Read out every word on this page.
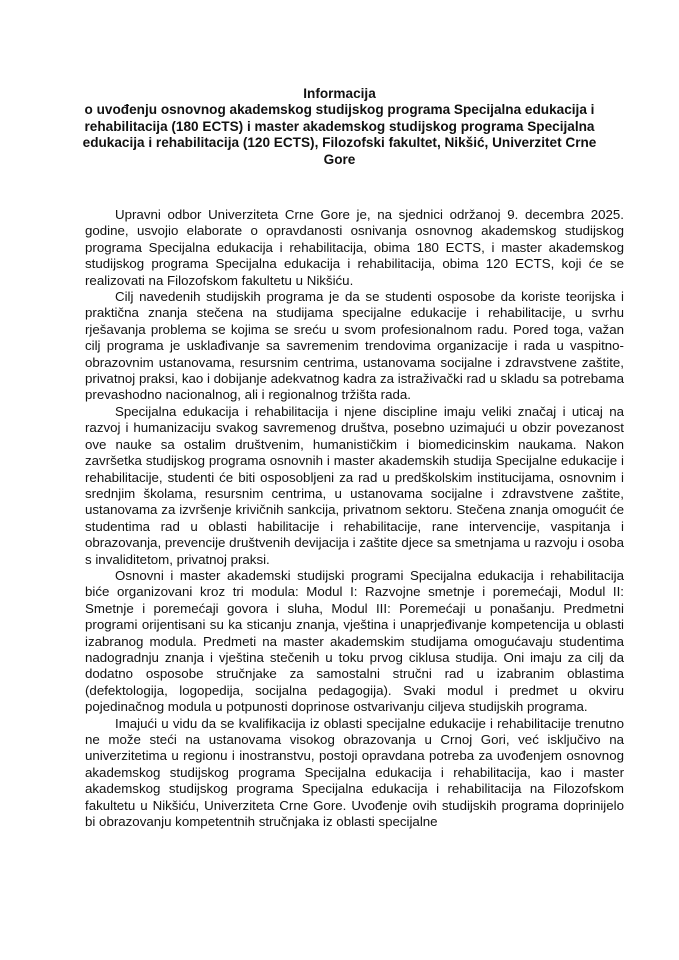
Informacija
o uvođenju osnovnog akademskog studijskog programa Specijalna edukacija i
rehabilitacija (180 ECTS) i master akademskog studijskog programa Specijalna
edukacija i rehabilitacija (120 ECTS), Filozofski fakultet, Nikšić, Univerzitet Crne
Gore

Upravni odbor Univerziteta Crne Gore je, na sjednici održanoj 9. decembra 2025. godine, usvojio elaborate o opravdanosti osnivanja osnovnog akademskog studijskog programa Specijalna edukacija i rehabilitacija, obima 180 ECTS, i master akademskog studijskog programa Specijalna edukacija i rehabilitacija, obima 120 ECTS, koji će se realizovati na Filozofskom fakultetu u Nikšiću.

Cilj navedenih studijskih programa je da se studenti osposobe da koriste teorijska i praktična znanja stečena na studijama specijalne edukacije i rehabilitacije, u svrhu rješavanja problema se kojima se sreću u svom profesionalnom radu. Pored toga, važan cilj programa je usklađivanje sa savremenim trendovima organizacije i rada u vaspitno-obrazovnim ustanovama, resursnim centrima, ustanovama socijalne i zdravstvene zaštite, privatnoj praksi, kao i dobijanje adekvatnog kadra za istraživački rad u skladu sa potrebama prevashodno nacionalnog, ali i regionalnog tržišta rada.

Specijalna edukacija i rehabilitacija i njene discipline imaju veliki značaj i uticaj na razvoj i humanizaciju svakog savremenog društva, posebno uzimajući u obzir povezanost ove nauke sa ostalim društvenim, humanističkim i biomedicinskim naukama. Nakon završetka studijskog programa osnovnih i master akademskih studija Specijalne edukacije i rehabilitacije, studenti će biti osposobljeni za rad u predškolskim institucijama, osnovnim i srednjim školama, resursnim centrima, u ustanovama socijalne i zdravstvene zaštite, ustanovama za izvršenje krivičnih sankcija, privatnom sektoru. Stečena znanja omogućit će studentima rad u oblasti habilitacije i rehabilitacije, rane intervencije, vaspitanja i obrazovanja, prevencije društvenih devijacija i zaštite djece sa smetnjama u razvoju i osoba s invaliditetom, privatnoj praksi.

Osnovni i master akademski studijski programi Specijalna edukacija i rehabilitacija biće organizovani kroz tri modula: Modul I: Razvojne smetnje i poremećaji, Modul II: Smetnje i poremećaji govora i sluha, Modul III: Poremećaji u ponašanju. Predmetni programi orijentisani su ka sticanju znanja, vještina i unaprjeđivanje kompetencija u oblasti izabranog modula. Predmeti na master akademskim studijama omogućavaju studentima nadogradnju znanja i vještina stečenih u toku prvog ciklusa studija. Oni imaju za cilj da dodatno osposobe stručnjake za samostalni stručni rad u izabranim oblastima (defektologija, logopedija, socijalna pedagogija). Svaki modul i predmet u okviru pojedinačnog modula u potpunosti doprinose ostvarivanju ciljeva studijskih programa.

Imajući u vidu da se kvalifikacija iz oblasti specijalne edukacije i rehabilitacije trenutno ne može steći na ustanovama visokog obrazovanja u Crnoj Gori, već isključivo na univerzitetima u regionu i inostranstvu, postoji opravdana potreba za uvođenjem osnovnog akademskog studijskog programa Specijalna edukacija i rehabilitacija, kao i master akademskog studijskog programa Specijalna edukacija i rehabilitacija na Filozofskom fakultetu u Nikšiću, Univerzitetа Crne Gore. Uvođenje ovih studijskih programa doprinijelo bi obrazovanju kompetentnih stručnjaka iz oblasti specijalne
